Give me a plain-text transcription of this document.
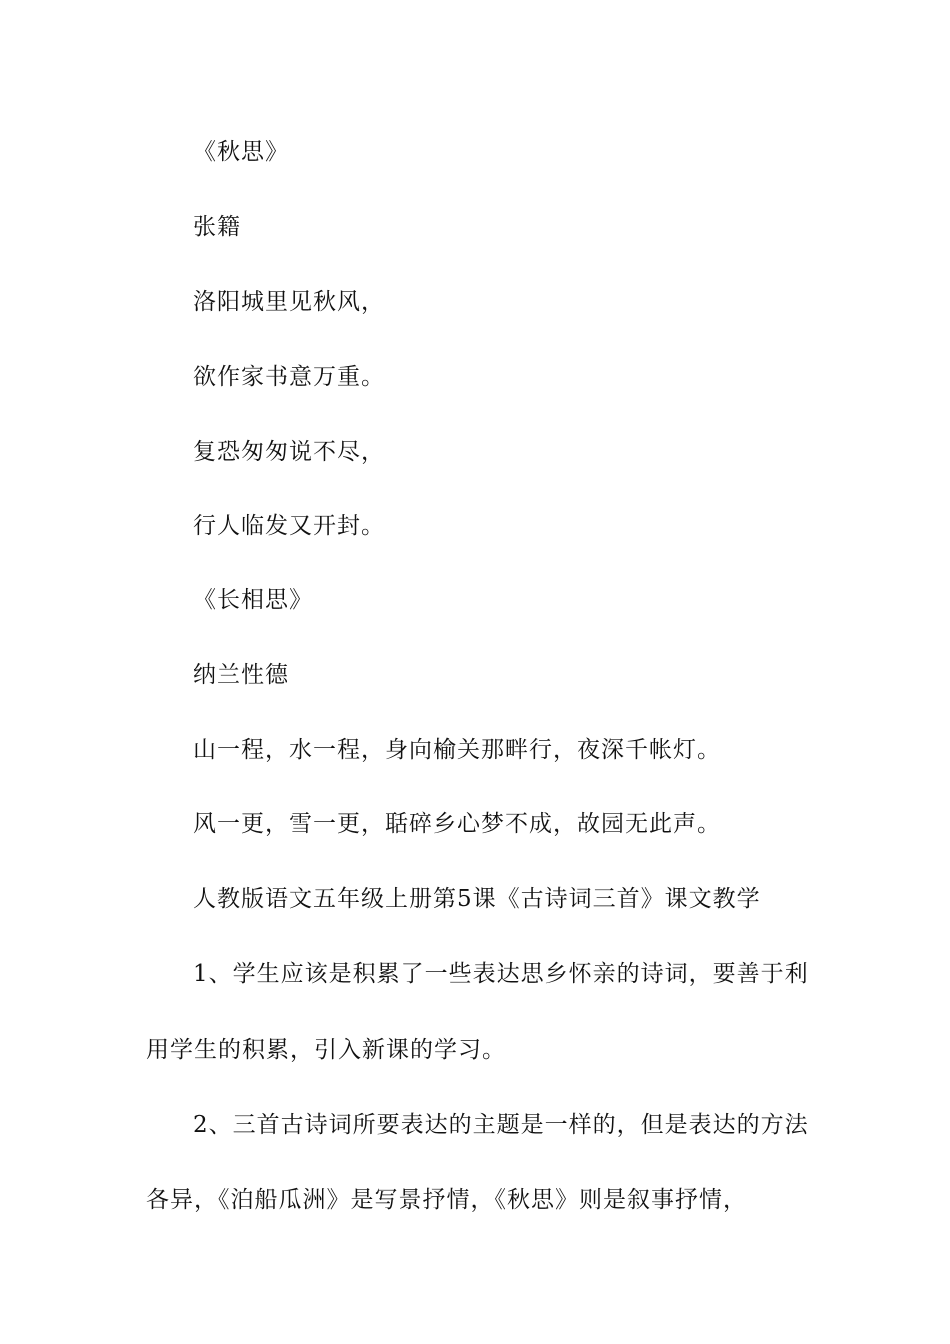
《秋思》
张籍
洛阳城里见秋风，
欲作家书意万重。
复恐匆匆说不尽，
行人临发又开封。
《长相思》
纳兰性德
山一程，水一程，身向榆关那畔行，夜深千帐灯。
风一更，雪一更，聒碎乡心梦不成，故园无此声。
人教版语文五年级上册第5课《古诗词三首》课文教学
1、学生应该是积累了一些表达思乡怀亲的诗词，要善于利
用学生的积累，引入新课的学习。
2、三首古诗词所要表达的主题是一样的，但是表达的方法
各异，《泊船瓜洲》是写景抒情，《秋思》则是叙事抒情，
